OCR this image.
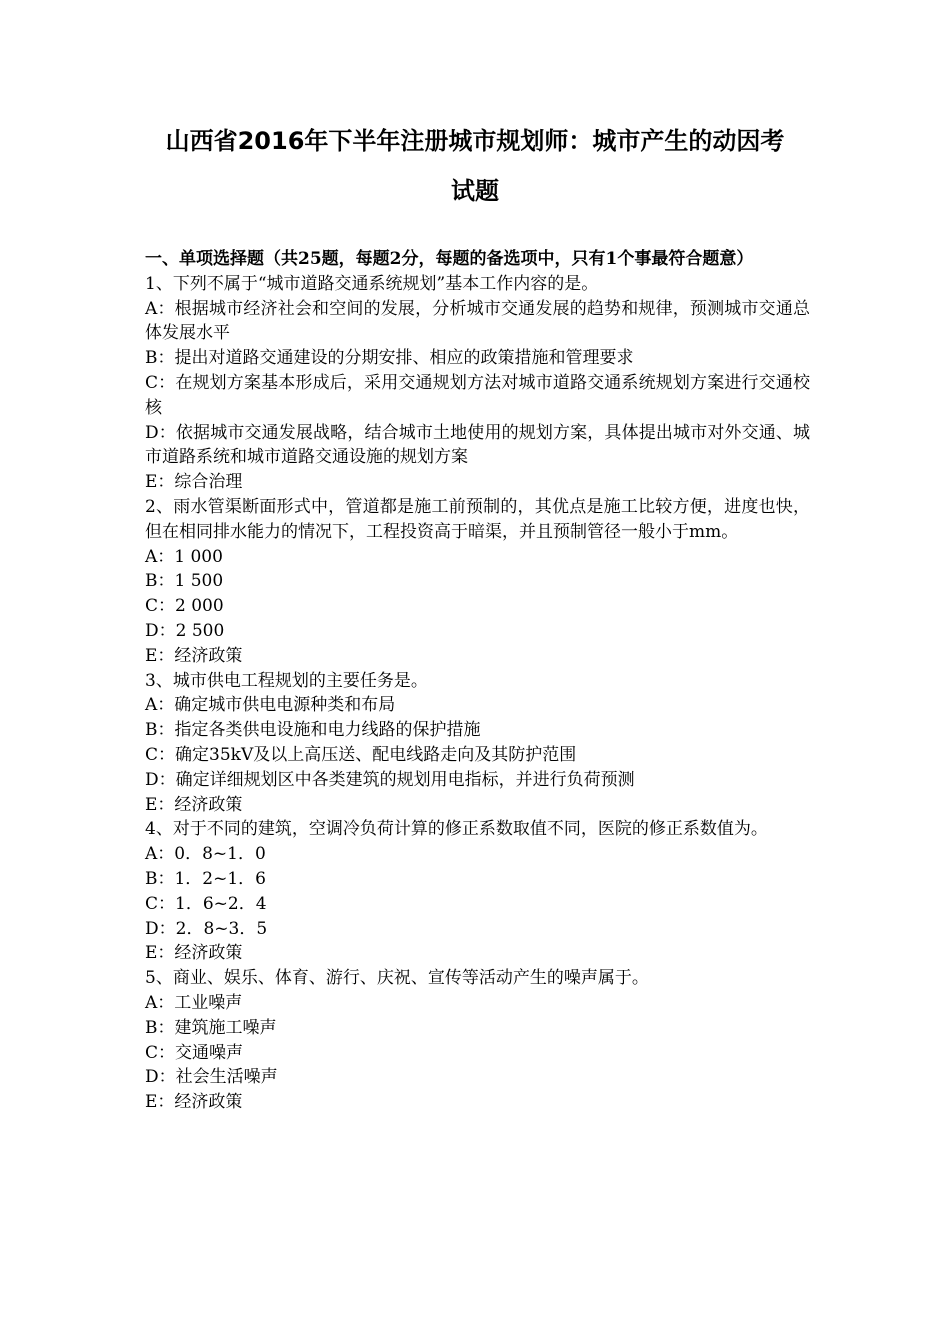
山西省2016年下半年注册城市规划师：城市产生的动因考
试题

一、单项选择题（共25题，每题2分，每题的备选项中，只有1个事最符合题意）

1、下列不属于“城市道路交通系统规划”基本工作内容的是。

A：根据城市经济社会和空间的发展，分析城市交通发展的趋势和规律，预测城市交通总体发展水平

B：提出对道路交通建设的分期安排、相应的政策措施和管理要求

C：在规划方案基本形成后，采用交通规划方法对城市道路交通系统规划方案进行交通校核

D：依据城市交通发展战略，结合城市土地使用的规划方案，具体提出城市对外交通、城市道路系统和城市道路交通设施的规划方案

E：综合治理

2、雨水管渠断面形式中，管道都是施工前预制的，其优点是施工比较方便，进度也快，但在相同排水能力的情况下，工程投资高于暗渠，并且预制管径一般小于mm。

A：1 000

B：1 500

C：2 000

D：2 500

E：经济政策

3、城市供电工程规划的主要任务是。

A：确定城市供电电源种类和布局

B：指定各类供电设施和电力线路的保护措施

C：确定35kV及以上高压送、配电线路走向及其防护范围

D：确定详细规划区中各类建筑的规划用电指标，并进行负荷预测

E：经济政策

4、对于不同的建筑，空调冷负荷计算的修正系数取值不同，医院的修正系数值为。

A：0．8~1．0

B：1．2~1．6

C：1．6~2．4

D：2．8~3．5

E：经济政策

5、商业、娱乐、体育、游行、庆祝、宣传等活动产生的噪声属于。

A：工业噪声

B：建筑施工噪声

C：交通噪声

D：社会生活噪声

E：经济政策
